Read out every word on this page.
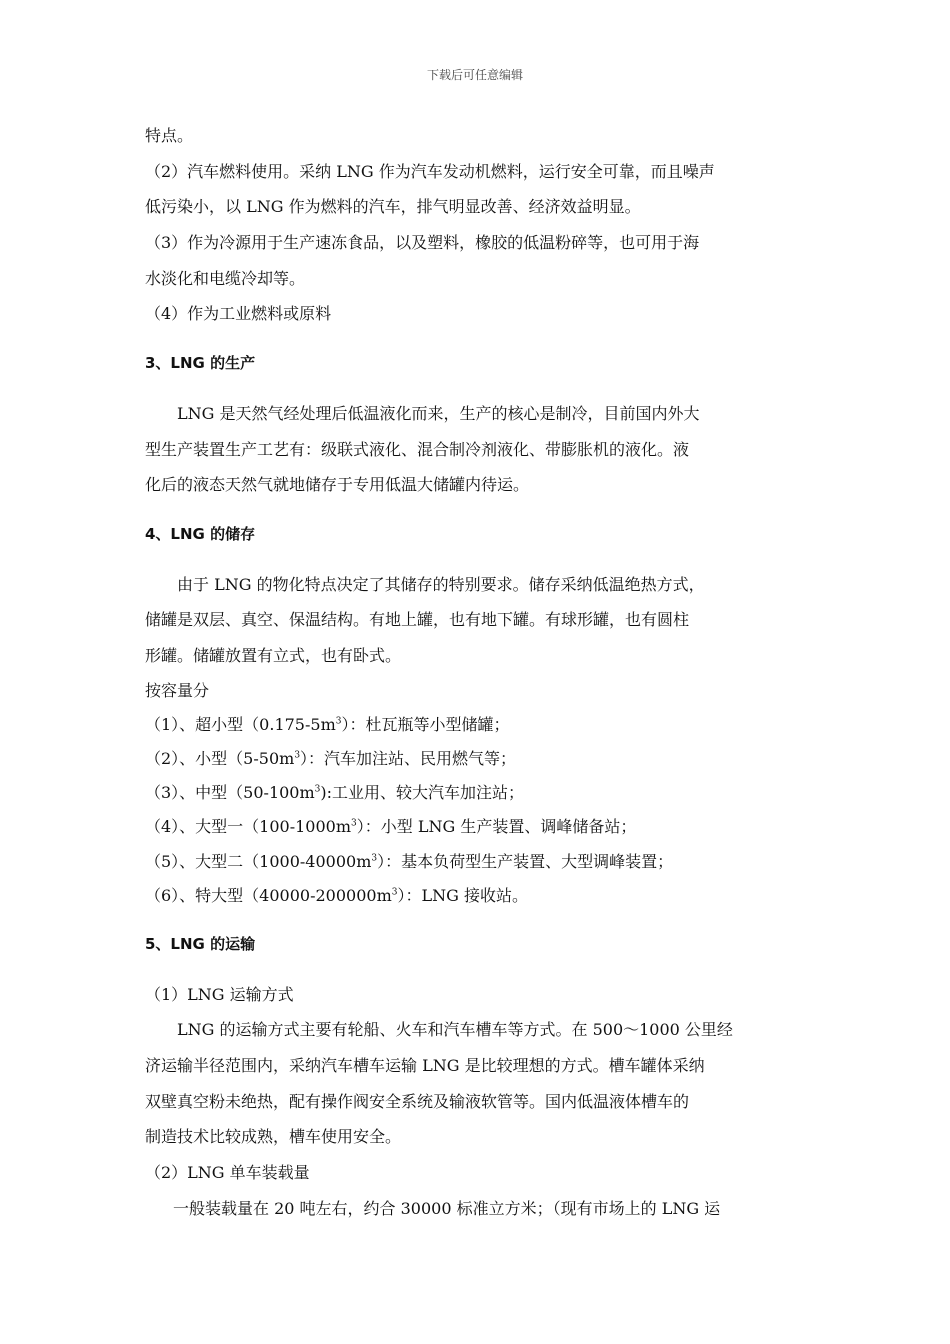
下载后可任意编辑
特点。
（2）汽车燃料使用。采纳 LNG 作为汽车发动机燃料，运行安全可靠，而且噪声
低污染小，以 LNG 作为燃料的汽车，排气明显改善、经济效益明显。
（3）作为冷源用于生产速冻食品，以及塑料，橡胶的低温粉碎等，也可用于海
水淡化和电缆冷却等。
（4）作为工业燃料或原料
3、LNG 的生产
LNG 是天然气经处理后低温液化而来，生产的核心是制冷，目前国内外大
型生产装置生产工艺有：级联式液化、混合制冷剂液化、带膨胀机的液化。液
化后的液态天然气就地储存于专用低温大储罐内待运。
4、LNG 的储存
由于 LNG 的物化特点决定了其储存的特别要求。储存采纳低温绝热方式，
储罐是双层、真空、保温结构。有地上罐，也有地下罐。有球形罐，也有圆柱
形罐。储罐放置有立式，也有卧式。
按容量分
（1）、超小型$(0.175-5m^3)$：杜瓦瓶等小型储罐；
（2）、小型$(5-50m^3)$：汽车加注站、民用燃气等；
（3）、中型$(50-100m^3)$:工业用、较大汽车加注站；
（4）、大型一$(100-1000m^3)$：小型 LNG 生产装置、调峰储备站；
（5）、大型二$(1000-40000m^3)$：基本负荷型生产装置、大型调峰装置；
（6）、特大型$(40000-200000m^3)$：LNG 接收站。
5、LNG 的运输
（1）LNG 运输方式
LNG 的运输方式主要有轮船、火车和汽车槽车等方式。在 500～1000 公里经
济运输半径范围内，采纳汽车槽车运输 LNG 是比较理想的方式。槽车罐体采纳
双壁真空粉未绝热，配有操作阀安全系统及输液软管等。国内低温液体槽车的
制造技术比较成熟，槽车使用安全。
（2）LNG 单车装载量
一般装载量在 20 吨左右，约合 30000 标准立方米；（现有市场上的 LNG 运
